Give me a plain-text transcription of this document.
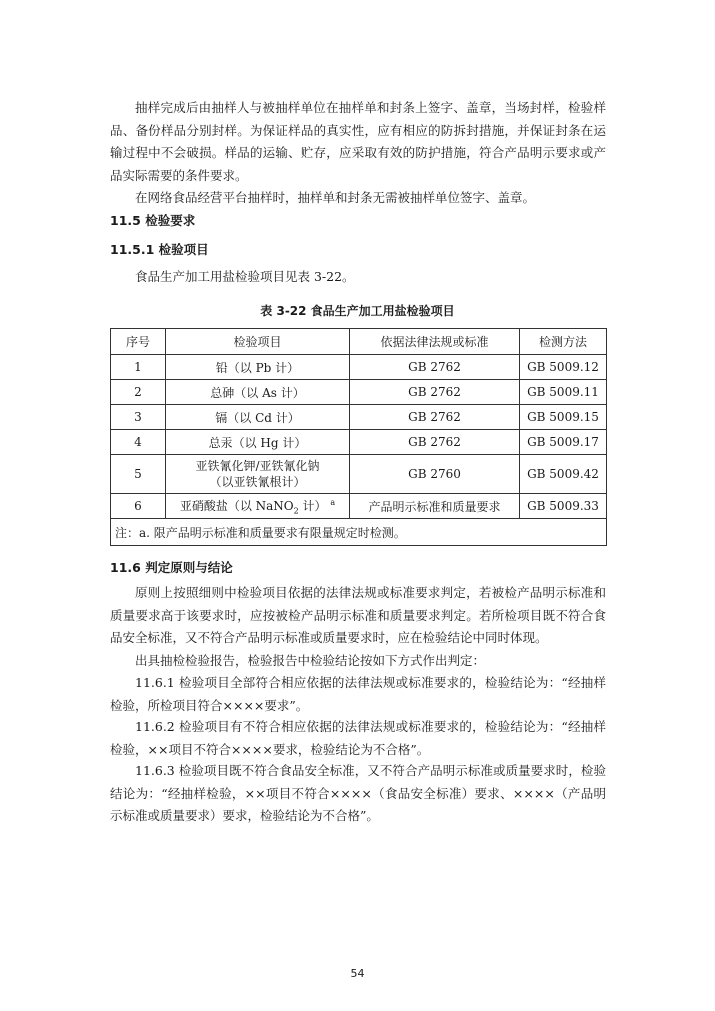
抽样完成后由抽样人与被抽样单位在抽样单和封条上签字、盖章，当场封样，检验样品、备份样品分别封样。为保证样品的真实性，应有相应的防拆封措施，并保证封条在运输过程中不会破损。样品的运输、贮存，应采取有效的防护措施，符合产品明示要求或产品实际需要的条件要求。

在网络食品经营平台抽样时，抽样单和封条无需被抽样单位签字、盖章。

11.5 检验要求

11.5.1 检验项目

食品生产加工用盐检验项目见表 3-22。

表 3-22 食品生产加工用盐检验项目

序号	检验项目	依据法律法规或标准	检测方法
1	铅（以 Pb 计）	GB 2762	GB 5009.12
2	总砷（以 As 计）	GB 2762	GB 5009.11
3	镉（以 Cd 计）	GB 2762	GB 5009.15
4	总汞（以 Hg 计）	GB 2762	GB 5009.17
5	亚铁氰化钾/亚铁氰化钠
（以亚铁氰根计）	GB 2760	GB 5009.42
6	亚硝酸盐（以 NaNO$_2$ 计） $^a$	产品明示标准和质量要求	GB 5009.33
注：a. 限产品明示标准和质量要求有限量规定时检测。			

11.6 判定原则与结论

原则上按照细则中检验项目依据的法律法规或标准要求判定，若被检产品明示标准和质量要求高于该要求时，应按被检产品明示标准和质量要求判定。若所检项目既不符合食品安全标准，又不符合产品明示标准或质量要求时，应在检验结论中同时体现。

出具抽检检验报告，检验报告中检验结论按如下方式作出判定：

11.6.1 检验项目全部符合相应依据的法律法规或标准要求的，检验结论为：“经抽样检验，所检项目符合××××要求”。

11.6.2 检验项目有不符合相应依据的法律法规或标准要求的，检验结论为：“经抽样检验，××项目不符合××××要求，检验结论为不合格”。

11.6.3 检验项目既不符合食品安全标准，又不符合产品明示标准或质量要求时，检验结论为：“经抽样检验，××项目不符合××××（食品安全标准）要求、××××（产品明示标准或质量要求）要求，检验结论为不合格”。

54
